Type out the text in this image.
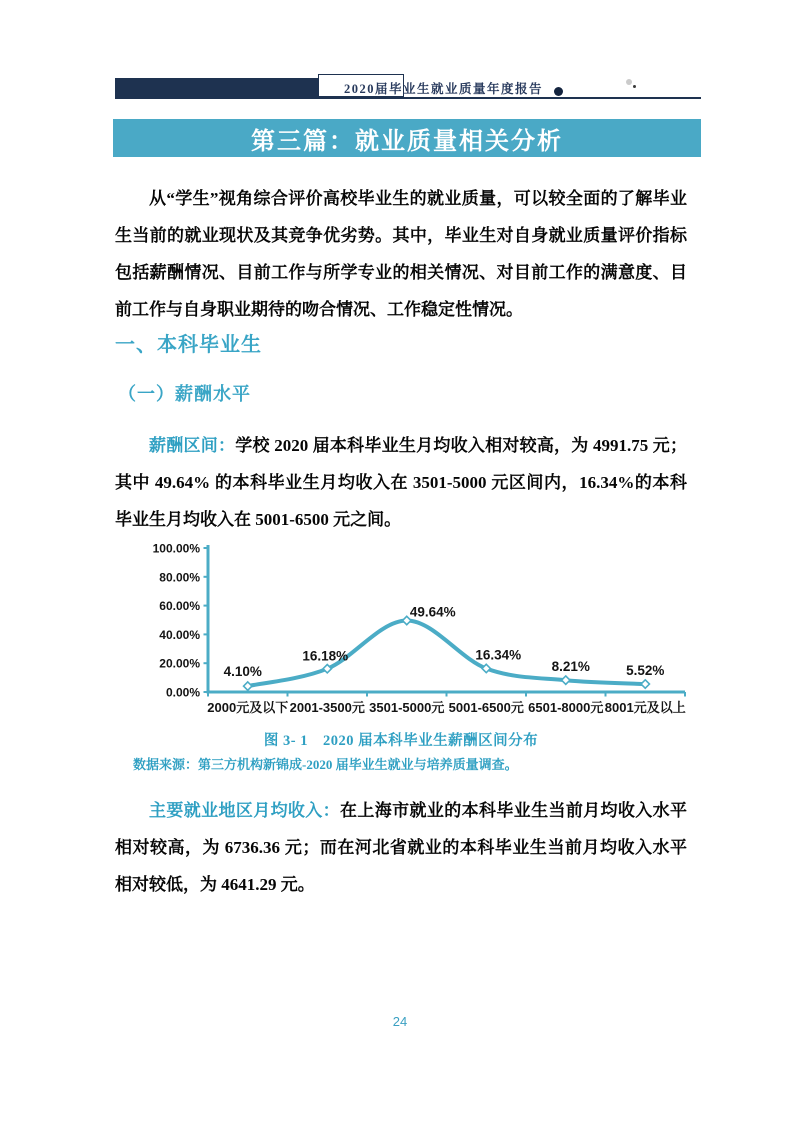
2020届毕业生就业质量年度报告
第三篇：就业质量相关分析
从“学生”视角综合评价高校毕业生的就业质量，可以较全面的了解毕业生当前的就业现状及其竞争优劣势。其中，毕业生对自身就业质量评价指标包括薪酬情况、目前工作与所学专业的相关情况、对目前工作的满意度、目前工作与自身职业期待的吻合情况、工作稳定性情况。
一、本科毕业生
（一）薪酬水平
薪酬区间：学校 2020 届本科毕业生月均收入相对较高，为 4991.75 元；其中 49.64% 的本科毕业生月均收入在 3501-5000 元区间内，16.34%的本科毕业生月均收入在 5001-6500 元之间。
100.00%
80.00%
60.00%
40.00%
20.00%
0.00%
2000元及以下 2001-3500元 3501-5000元 5001-6500元 6501-8000元 8001元及以上
4.10%
16.18%
49.64%
16.34%
8.21%	5.52%
图 3- 1　2020 届本科毕业生薪酬区间分布
数据来源：第三方机构新锦成-2020 届毕业生就业与培养质量调查。
主要就业地区月均收入：在上海市就业的本科毕业生当前月均收入水平相对较高，为 6736.36 元；而在河北省就业的本科毕业生当前月均收入水平相对较低，为 4641.29 元。
24
